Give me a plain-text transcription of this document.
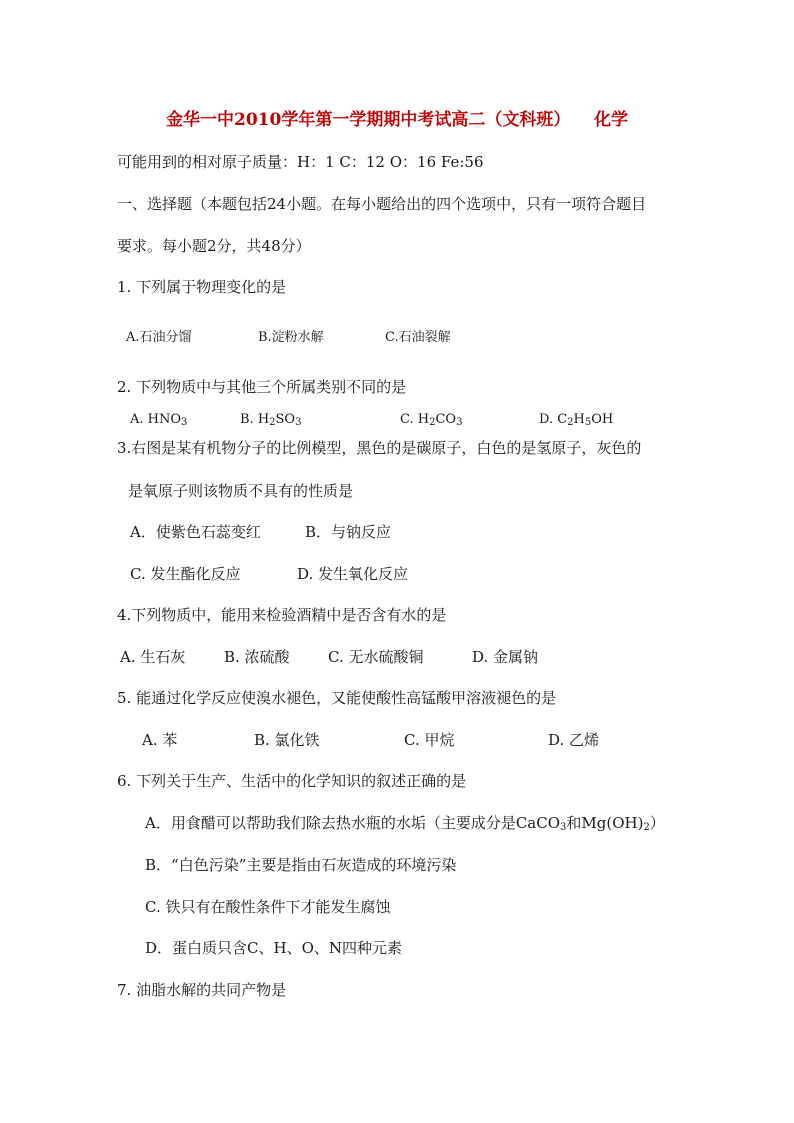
金华一中2010学年第一学期期中考试高二（文科班）    化学
可能用到的相对原子质量：H：1 C：12 O：16 Fe:56
一、选择题（本题包括24小题。在每小题给出的四个选项中，只有一项符合题目
要求。每小题2分，共48分）
1. 下列属于物理变化的是
A.石油分馏	B.淀粉水解	C.石油裂解
2. 下列物质中与其他三个所属类别不同的是
A. $HNO_3$	B. $H_2SO_3$	C. $H_2CO_3$	D. $C_2H_5OH$
3.右图是某有机物分子的比例模型，黑色的是碳原子，白色的是氢原子，灰色的
是氧原子则该物质不具有的性质是
A．使紫色石蕊变红	B．与钠反应
C. 发生酯化反应	D. 发生氧化反应
4.下列物质中，能用来检验酒精中是否含有水的是
A. 生石灰	B. 浓硫酸	C. 无水硫酸铜	D. 金属钠
5. 能通过化学反应使溴水褪色，又能使酸性高锰酸甲溶液褪色的是
A. 苯	B. 氯化铁	C. 甲烷	D. 乙烯
6. 下列关于生产、生活中的化学知识的叙述正确的是
A．用食醋可以帮助我们除去热水瓶的水垢（主要成分是CaCO$_3$和$Mg(OH)_2$）
B．“白色污染”主要是指由石灰造成的环境污染
C. 铁只有在酸性条件下才能发生腐蚀
D．蛋白质只含C、H、O、N四种元素
7. 油脂水解的共同产物是
